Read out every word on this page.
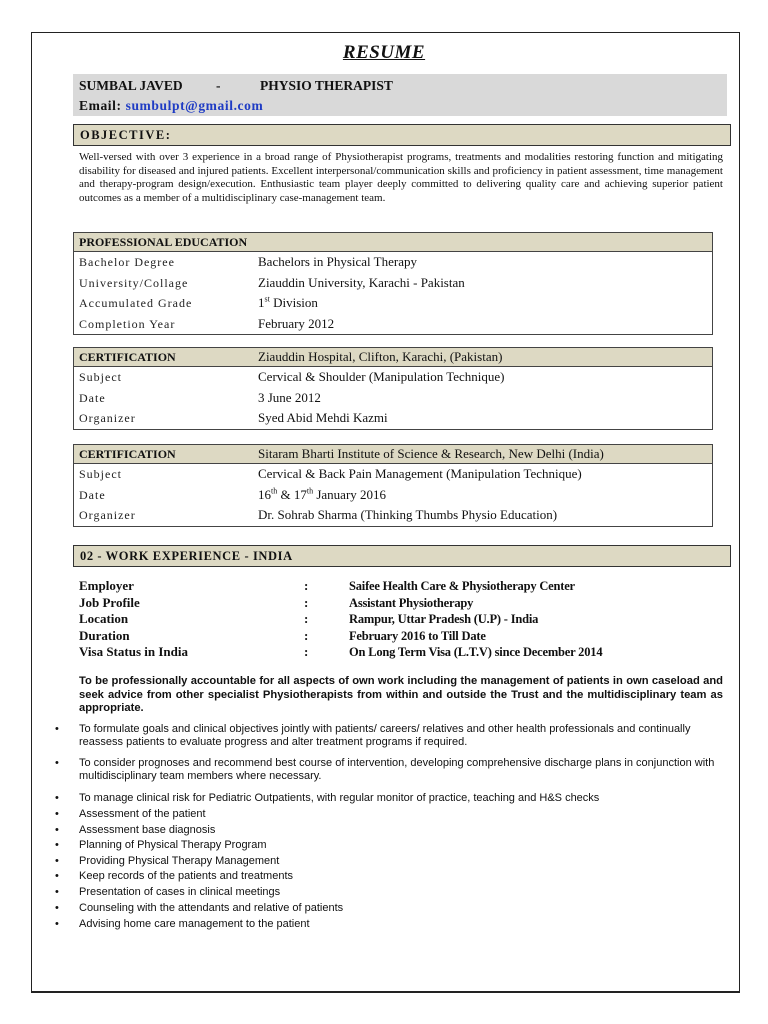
RESUME
SUMBAL JAVED -	PHYSIO THERAPIST
Email: sumbulpt@gmail.com
OBJECTIVE:
Well-versed with over 3 experience in a broad range of Physiotherapist programs, treatments and modalities restoring function and mitigating disability for diseased and injured patients. Excellent interpersonal/communication skills and proficiency in patient assessment, time management and therapy-program design/execution. Enthusiastic team player deeply committed to delivering quality care and achieving superior patient outcomes as a member of a multidisciplinary case-management team.
PROFESSIONAL EDUCATION
Bachelor Degree	Bachelors in Physical Therapy
University/Collage	Ziauddin University, Karachi - Pakistan
Accumulated Grade	1st Division
Completion Year	February 2012
CERTIFICATION	Ziauddin Hospital, Clifton, Karachi, (Pakistan)
Subject	Cervical & Shoulder (Manipulation Technique)
Date	3 June 2012
Organizer	Syed Abid Mehdi Kazmi
CERTIFICATION	Sitaram Bharti Institute of Science & Research, New Delhi (India)
Subject	Cervical & Back Pain Management (Manipulation Technique)
Date	16th & 17th January 2016
Organizer	Dr. Sohrab Sharma (Thinking Thumbs Physio Education)
02 - WORK EXPERIENCE - INDIA
Employer	:	Saifee Health Care & Physiotherapy Center
Job Profile	:	Assistant Physiotherapy
Location	:	Rampur, Uttar Pradesh (U.P) - India
Duration	:	February 2016 to Till Date
Visa Status in India	:	On Long Term Visa (L.T.V) since December 2014
To be professionally accountable for all aspects of own work including the management of patients in own caseload and seek advice from other specialist Physiotherapists from within and outside the Trust and the multidisciplinary team as appropriate.
• To formulate goals and clinical objectives jointly with patients/ careers/ relatives and other health professionals and continually reassess patients to evaluate progress and alter treatment programs if required.
• To consider prognoses and recommend best course of intervention, developing comprehensive discharge plans in conjunction with multidisciplinary team members where necessary.
• To manage clinical risk for Pediatric Outpatients, with regular monitor of practice, teaching and H&S checks
• Assessment of the patient
• Assessment base diagnosis
• Planning of Physical Therapy Program
• Providing Physical Therapy Management
• Keep records of the patients and treatments
• Presentation of cases in clinical meetings
• Counseling with the attendants and relative of patients
• Advising home care management to the patient
